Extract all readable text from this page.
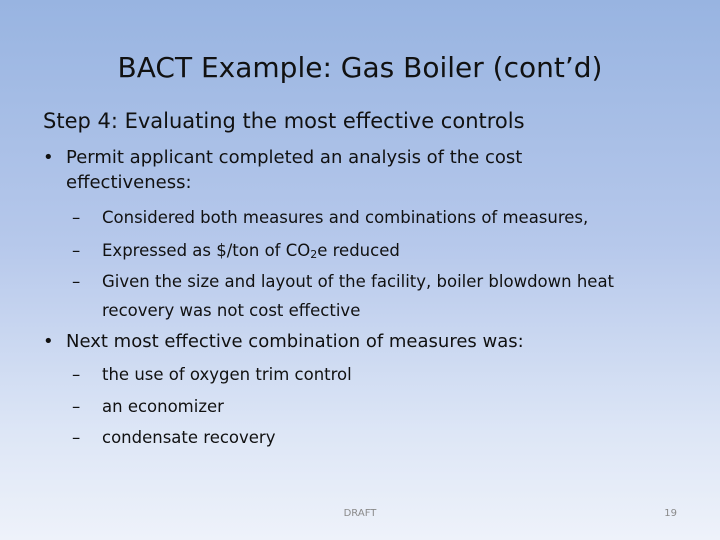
BACT Example: Gas Boiler (cont’d)
Step 4: Evaluating the most effective controls
• Permit applicant completed an analysis of the cost effectiveness:
– Considered both measures and combinations of measures,
– Expressed as $/ton of $CO_2e$ reduced
– Given the size and layout of the facility, boiler blowdown heat recovery was not cost effective
• Next most effective combination of measures was:
– the use of oxygen trim control
– an economizer
– condensate recovery
DRAFT	19
